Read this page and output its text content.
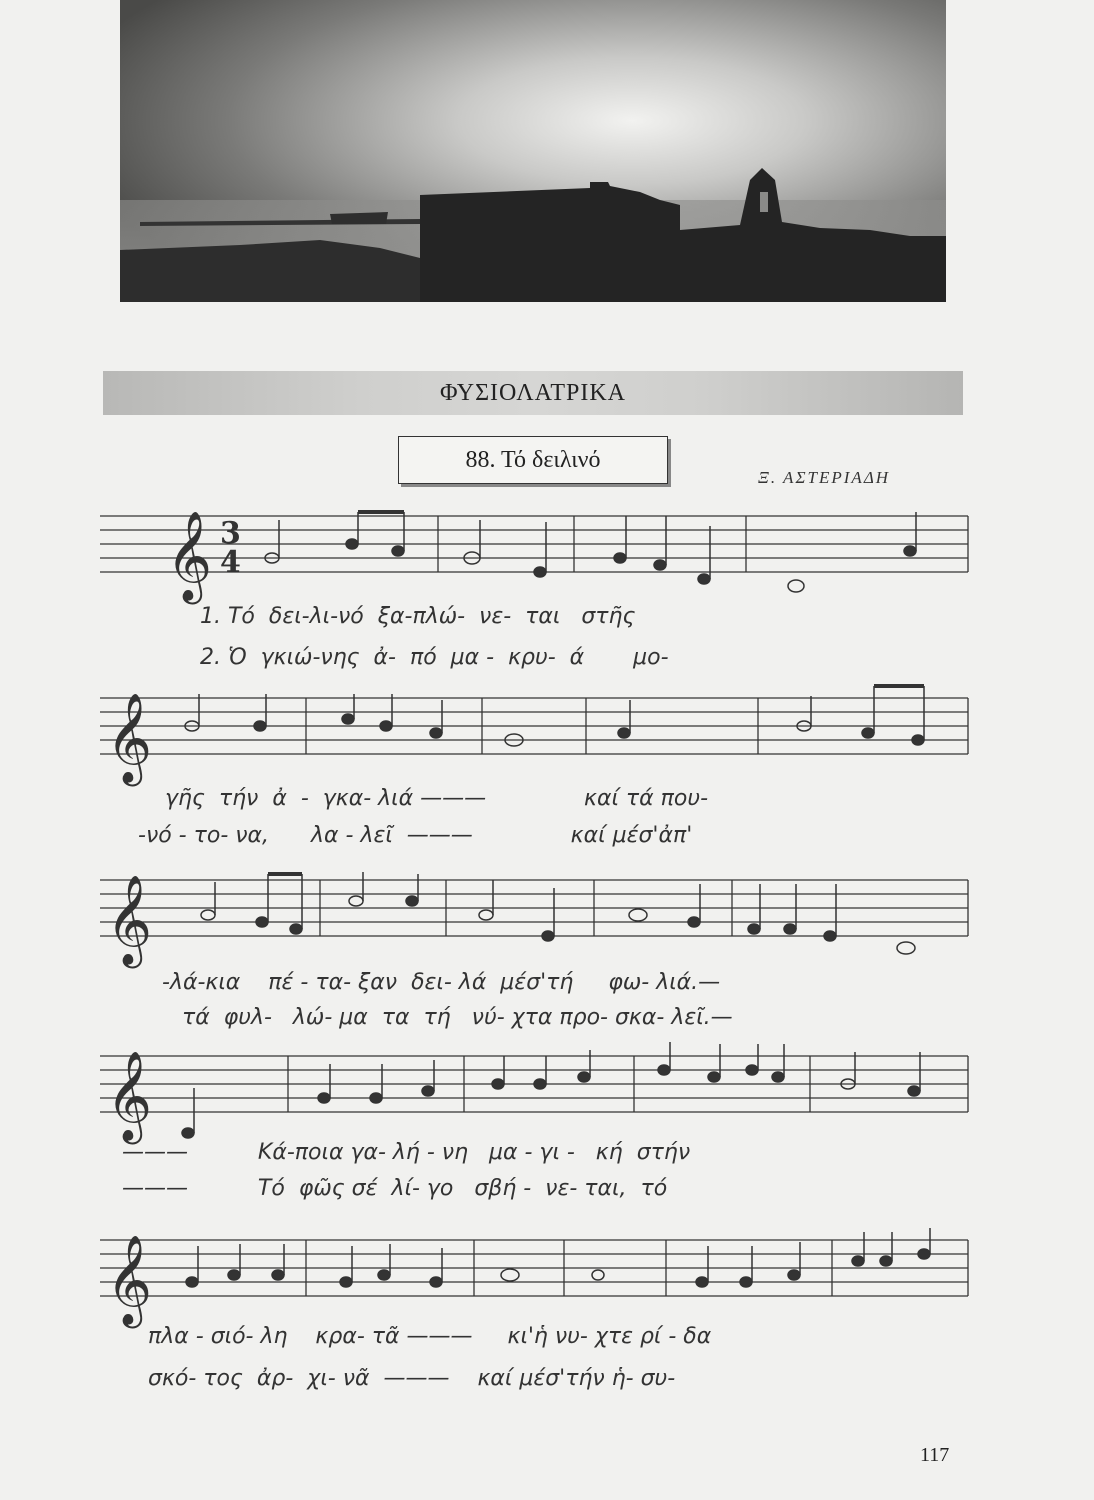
ΦΥΣΙΟΛΑΤΡΙΚΑ
88. Τό δειλινό
Ξ. ΑΣΤΕΡΙΑΔΗ
𝄞 3
4
1. Τό  δει-λι-νό  ξα-πλώ-  νε-  ται   στῆς
2. Ὁ  γκιώ-νης  ἀ-  πό  μα -  κρυ-  ά       μο-
𝄞
γῆς  τήν  ἀ  -  γκα- λιά ———              καί τά που-
-νό - το- να,      λα - λεῖ  ———              καί μέσ'ἀπ'
𝄞
-λά-κια    πέ - τα- ξαν  δει- λά  μέσ'τή     φω- λιά.—
τά  φυλ-   λώ- μα  τα  τή   νύ- χτα προ- σκα- λεῖ.—
𝄞
———          Κά-ποια γα- λή - νη   μα - γι -   κή  στήν
———          Τό  φῶς σέ  λί- γο   σβή -  νε- ται,  τό
𝄞
πλα - σιό- λη    κρα- τᾶ ———     κι'ἡ νυ- χτε ρί - δα
σκό- τος  ἀρ-  χι- νᾶ  ———    καί μέσ'τήν ἡ- συ-
117
